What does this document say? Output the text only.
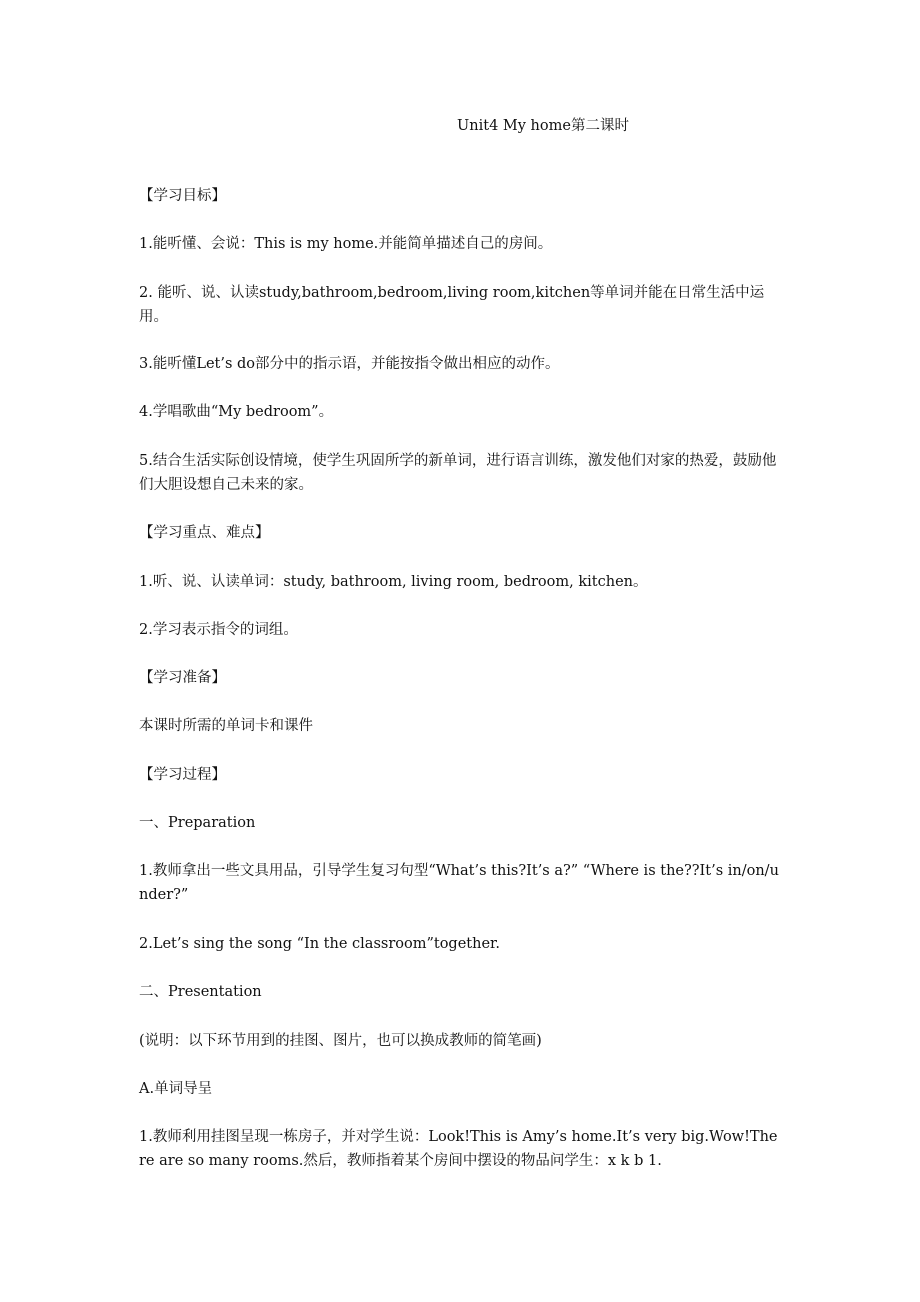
Unit4 My home第二课时
【学习目标】
1.能听懂、会说：This is my home.并能简单描述自己的房间。
2. 能听、说、认读study,bathroom,bedroom,living room,kitchen等单词并能在日常生活中运用。
3.能听懂Let’s do部分中的指示语，并能按指令做出相应的动作。
4.学唱歌曲“My bedroom”。
5.结合生活实际创设情境，使学生巩固所学的新单词，进行语言训练，激发他们对家的热爱，鼓励他们大胆设想自己未来的家。
【学习重点、难点】
1.听、说、认读单词：study, bathroom, living room, bedroom, kitchen。
2.学习表示指令的词组。
【学习准备】
本课时所需的单词卡和课件
【学习过程】
一、Preparation
1.教师拿出一些文具用品，引导学生复习句型“What’s this?It’s a?” “Where is the??It’s in/on/under?”
2.Let’s sing the song “In the classroom”together.
二、Presentation
(说明：以下环节用到的挂图、图片，也可以换成教师的简笔画)
A.单词导呈
1.教师利用挂图呈现一栋房子，并对学生说：Look!This is Amy’s home.It’s very big.Wow!There are so many rooms.然后，教师指着某个房间中摆设的物品问学生：x k b 1.
